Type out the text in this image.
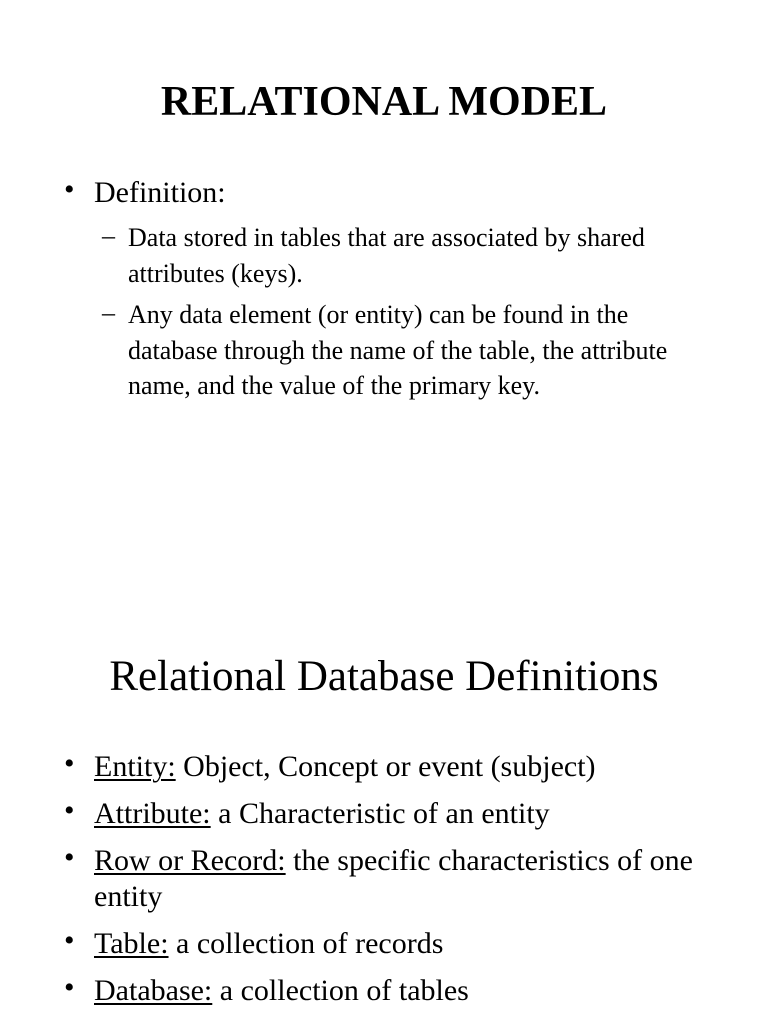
RELATIONAL MODEL
• Definition:
– Data stored in tables that are associated by shared attributes (keys).
– Any data element (or entity) can be found in the database through the name of the table, the attribute name, and the value of the primary key.
Relational Database Definitions
• Entity: Object, Concept or event (subject)
• Attribute: a Characteristic of an entity
• Row or Record: the specific characteristics of one entity
• Table: a collection of records
• Database: a collection of tables
